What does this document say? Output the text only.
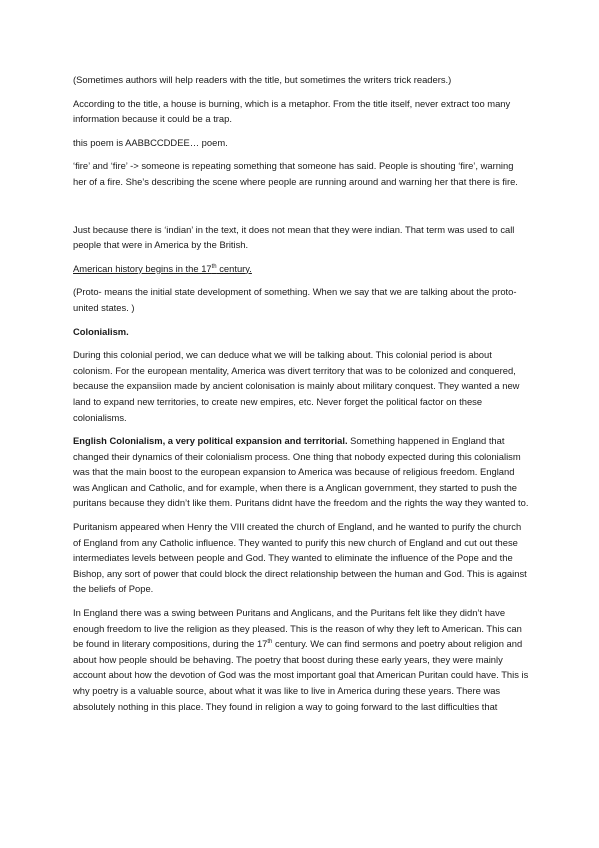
(Sometimes authors will help readers with the title, but sometimes the writers trick readers.)

According to the title, a house is burning, which is a metaphor. From the title itself, never extract too many information because it could be a trap.

this poem is AABBCCDDEE… poem.

‘fire’ and ‘fire’ -> someone is repeating something that someone has said. People is shouting ‘fire’, warning her of a fire. She’s describing the scene where people are running around and warning her that there is fire.

Just because there is ‘indian’ in the text, it does not mean that they were indian. That term was used to call people that were in America by the British.

American history begins in the 17th century.

(Proto- means the initial state development of something. When we say that we are talking about the proto-united states. )

Colonialism.

During this colonial period, we can deduce what we will be talking about. This colonial period is about colonism. For the european mentality, America was divert territory that was to be colonized and conquered, because the expansiion made by ancient colonisation is mainly about military conquest. They wanted a new land to expand new territories, to create new empires, etc. Never forget the political factor on these colonialisms.

English Colonialism, a very political expansion and territorial. Something happened in England that changed their dynamics of their colonialism process. One thing that nobody expected during this colonialism was that the main boost to the european expansion to America was because of religious freedom. England was Anglican and Catholic, and for example, when there is a Anglican government, they started to push the puritans because they didn’t like them. Puritans didnt have the freedom and the rights the way they wanted to.

Puritanism appeared when Henry the VIII created the church of England, and he wanted to purify the church of England from any Catholic influence. They wanted to purify this new church of England and cut out these intermediates levels between people and God. They wanted to eliminate the influence of the Pope and the Bishop, any sort of power that could block the direct relationship between the human and God. This is against the beliefs of Pope.

In England there was a swing between Puritans and Anglicans, and the Puritans felt like they didn’t have enough freedom to live the religion as they pleased. This is the reason of why they left to American. This can be found in literary compositions, during the 17th century. We can find sermons and poetry about religion and about how people should be behaving. The poetry that boost during these early years, they were mainly account about how the devotion of God was the most important goal that American Puritan could have. This is why poetry is a valuable source, about what it was like to live in America during these years. There was absolutely nothing in this place. They found in religion a way to going forward to the last difficulties that
